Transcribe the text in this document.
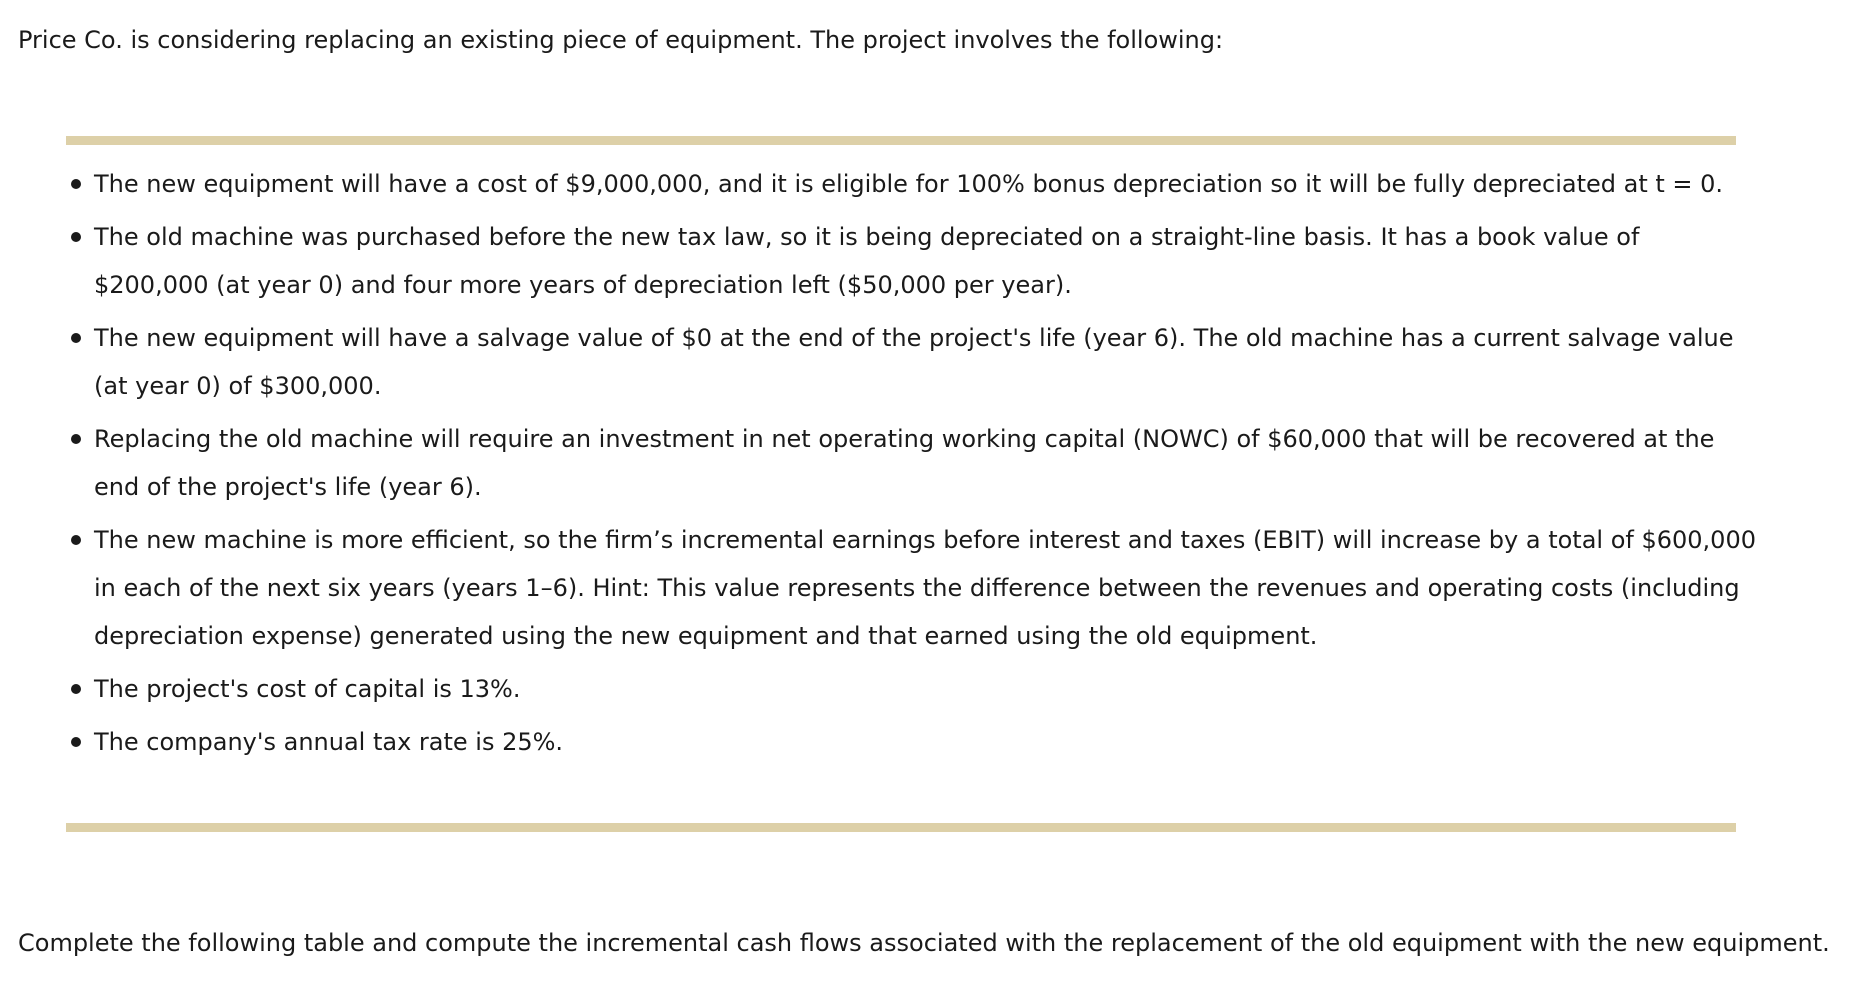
Price Co. is considering replacing an existing piece of equipment. The project involves the following:
The new equipment will have a cost of $9,000,000, and it is eligible for 100% bonus depreciation so it will be fully depreciated at t = 0.
The old machine was purchased before the new tax law, so it is being depreciated on a straight-line basis. It has a book value of $200,000 (at year 0) and four more years of depreciation left ($50,000 per year).
The new equipment will have a salvage value of $0 at the end of the project's life (year 6). The old machine has a current salvage value (at year 0) of $300,000.
Replacing the old machine will require an investment in net operating working capital (NOWC) of $60,000 that will be recovered at the end of the project's life (year 6).
The new machine is more efficient, so the firm’s incremental earnings before interest and taxes (EBIT) will increase by a total of $600,000 in each of the next six years (years 1–6). Hint: This value represents the difference between the revenues and operating costs (including depreciation expense) generated using the new equipment and that earned using the old equipment.
The project's cost of capital is 13%.
The company's annual tax rate is 25%.
Complete the following table and compute the incremental cash flows associated with the replacement of the old equipment with the new equipment.
